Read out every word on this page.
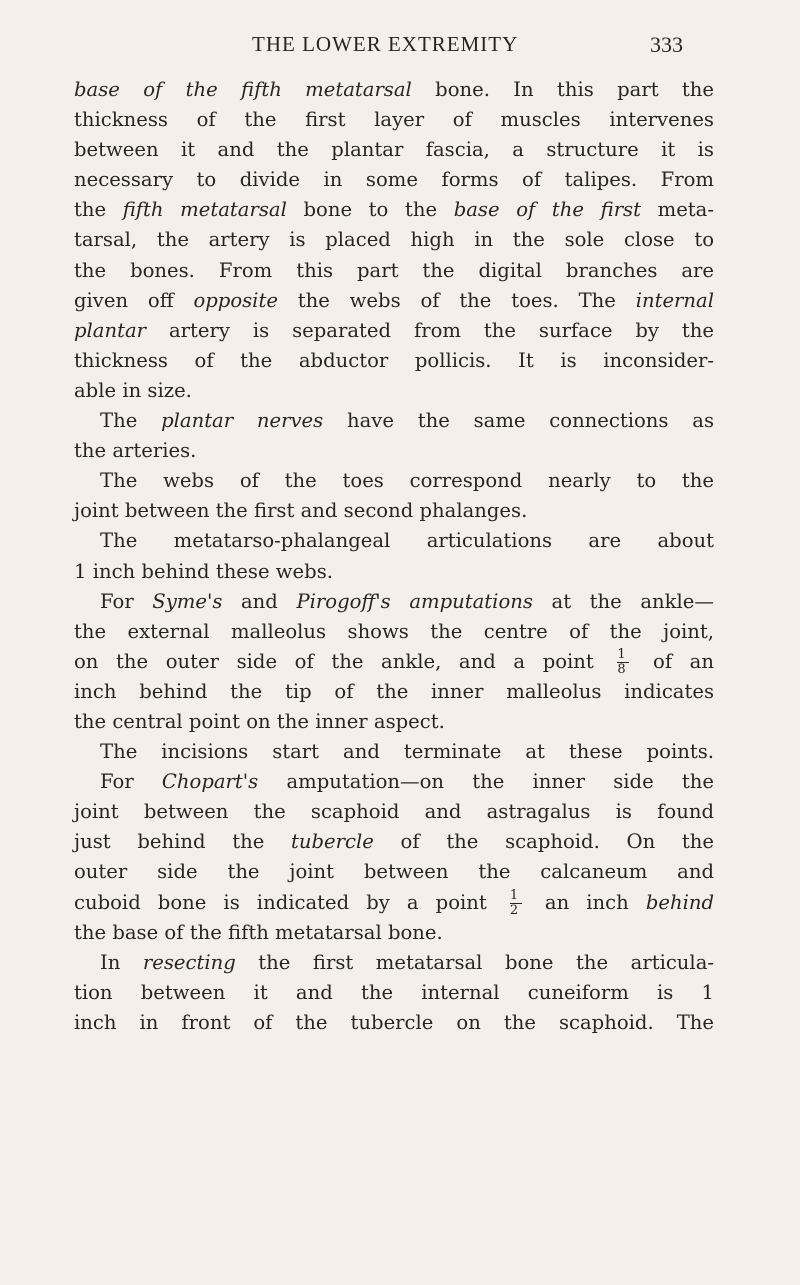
THE LOWER EXTREMITY	333
base of the fifth metatarsal bone. In this part the
thickness of the first layer of muscles intervenes
between it and the plantar fascia, a structure it is
necessary to divide in some forms of talipes. From
the fifth metatarsal bone to the base of the first meta-
tarsal, the artery is placed high in the sole close to
the bones. From this part the digital branches are
given off opposite the webs of the toes. The internal
plantar artery is separated from the surface by the
thickness of the abductor pollicis. It is inconsider-
able in size.
The plantar nerves have the same connections as
the arteries.
The webs of the toes correspond nearly to the
joint between the first and second phalanges.
The metatarso-phalangeal articulations are about
1 inch behind these webs.
For Syme's and Pirogoff's amputations at the ankle—
the external malleolus shows the centre of the joint,
on the outer side of the ankle, and a point $\frac{1}{8}$ of an
inch behind the tip of the inner malleolus indicates
the central point on the inner aspect.
The incisions start and terminate at these points.
For Chopart's amputation—on the inner side the
joint between the scaphoid and astragalus is found
just behind the tubercle of the scaphoid. On the
outer side the joint between the calcaneum and
cuboid bone is indicated by a point $\frac{1}{2}$ an inch behind
the base of the fifth metatarsal bone.
In resecting the first metatarsal bone the articula-
tion between it and the internal cuneiform is 1
inch in front of the tubercle on the scaphoid. The
